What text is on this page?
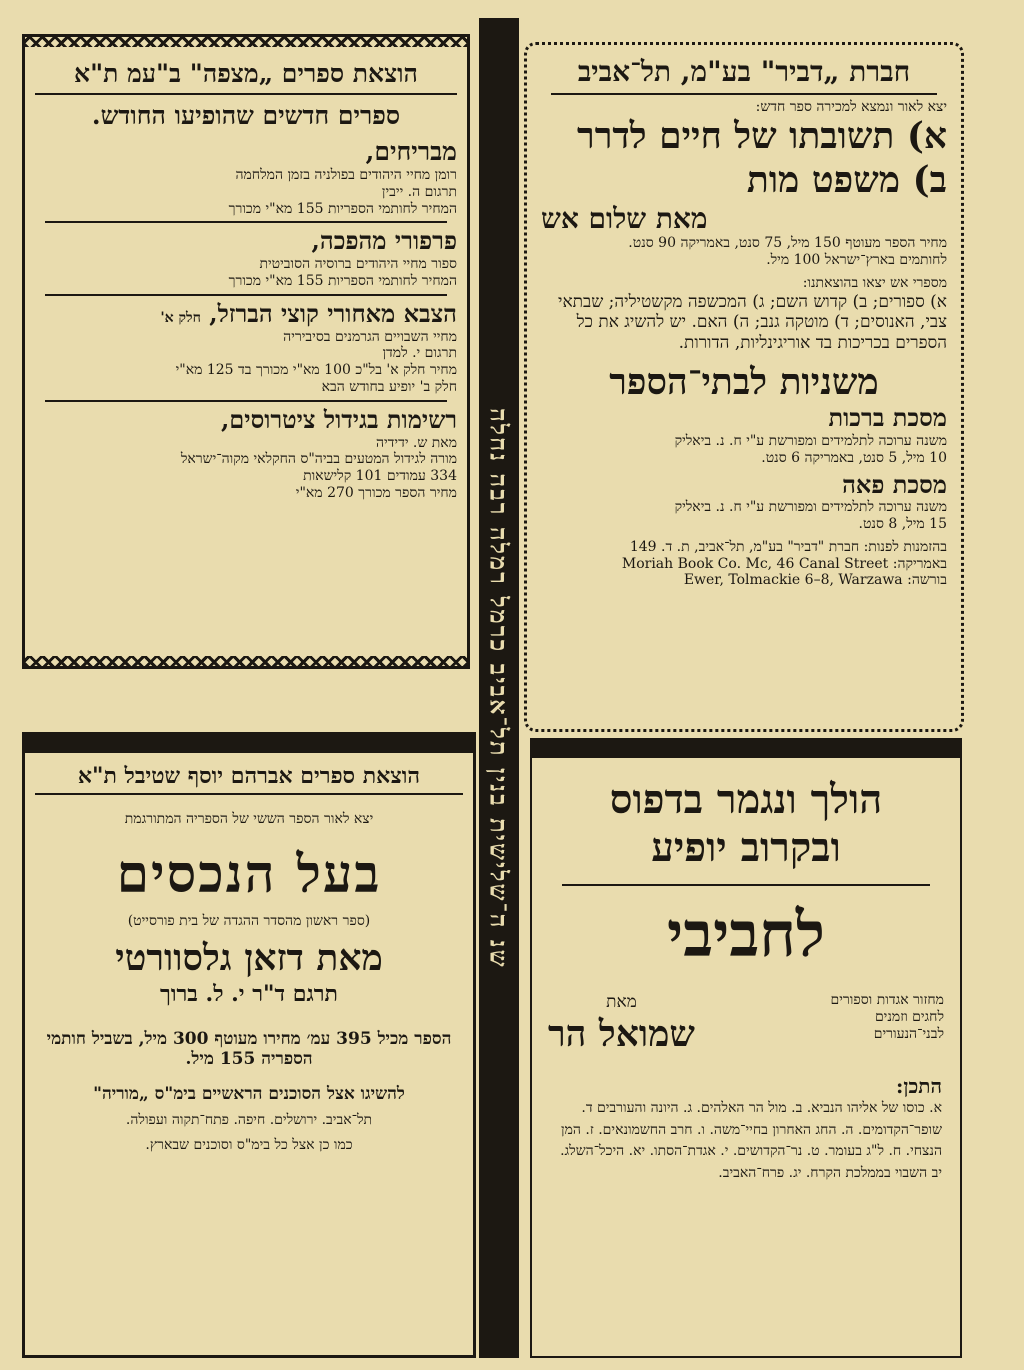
שנ ה־שלישית בנין תל־אביב כרמל רמלה רבה נחלה

הוצאת ספרים „מצפה" ב"עמ ת"א

ספרים חדשים שהופיעו החודש.

מבריחים,

רומן מחיי היהודים בפולניה בזמן המלחמה

תרגום ה. ייבין

המחיר לחותמי הספריות 155 מא"י מכורך

פרפורי מהפכה,

ספור מחיי היהודים ברוסיה הסוביטית

המחיר לחותמי הספריות 155 מא"י מכורך

הצבא מאחורי קוצי הברזל, חלק א'

מחיי השבויים הגרמנים בסיביריה

תרגום י. למדן

מחיר חלק א' בל"כ 100 מא"י מכורך בד 125 מא"י

חלק ב' יופיע בחודש הבא

רשימות בגידול ציטרוסים,

מאת ש. ידידיה

מורה לגידול המטעים בביה"ס החקלאי מקוה־ישראל

334 עמודים 101 קלישאות

מחיר הספר מכורך 270 מא"י

חברת „דביר" בע"מ, תל־אביב

יצא לאור ונמצא למכירה ספר חדש:

א) תשובתו של חיים לדרר

ב) משפט מות

מאת שלום אש

מחיר הספר מעוטף 150 מיל, 75 סנט, באמריקה 90 סנט.

לחותמים בארץ־ישראל 100 מיל.

מספרי אש יצאו בהוצאתנו:

א) ספורים; ב) קדוש השם; ג) המכשפה מקשטיליה; שבתאי צבי, האנוסים; ד) מוטקה גנב; ה) האם. יש להשיג את כל הספרים בכריכות בד אוריגינליות, הדורות.

משניות לבתי־הספר

מסכת ברכות

משנה ערוכה לתלמידים ומפורשת ע"י ח. נ. ביאליק

10 מיל, 5 סנט, באמריקה 6 סנט.

מסכת פאה

משנה ערוכה לתלמידים ומפורשת ע"י ח. נ. ביאליק

15 מיל, 8 סנט.

בהזמנות לפנות: חברת "דביר" בע"מ, תל־אביב, ת. ד. 149

באמריקה: Moriah Book Co. Mc, 46 Canal Street

בורשה: Ewer, Tolmackie 6–8, Warzawa

הוצאת ספרים אברהם יוסף שטיבל ת"א

יצא לאור הספר הששי של הספריה המתורגמת

בעל הנכסים

(ספר ראשון מהסדר ההגדה של בית פורסייט)

מאת דזאן גלסוורטי

תרגם ד"ר י. ל. ברוך

הספר מכיל 395 עמ׳ מחירו מעוטף 300 מיל, בשביל חותמי הספריה 155 מיל.

להשיגו אצל הסוכנים הראשיים בימ"ס „מוריה"

תל־אביב. ירושלים. חיפה. פתח־תקוה ועפולה.

כמו כן אצל כל בימ"ס וסוכנים שבארץ.

הולך ונגמר בדפוס

ובקרוב יופיע

לחביבי

מחזור אגדות וספורים

לחגים וזמנים

לבני־הנעורים

מאת

שמואל הר

התכן:

א. כוסו של אליהו הנביא. ב. מול הר האלהים. ג. היונה והעורבים ד. שופר־הקדומים. ה. החג האחרון בחיי־משה. ו. חרב החשמונאים. ז. המן הנצחי. ח. ל"ג בעומר. ט. נר־הקדושים. י. אגדת־הסתו. יא. היכל־השלג. יב השבוי בממלכת הקרח. יג. פרח־האביב.
